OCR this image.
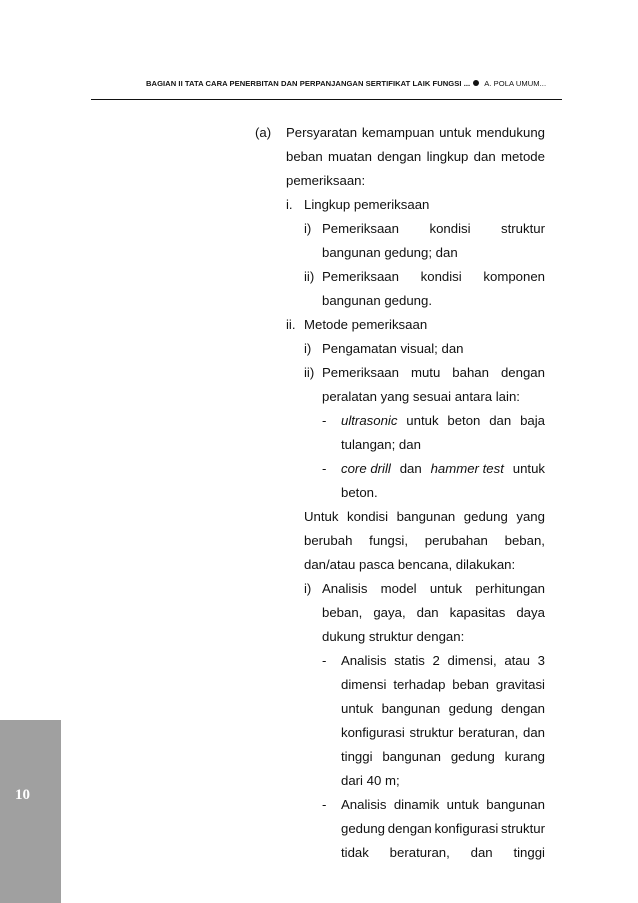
BAGIAN II TATA CARA PENERBITAN DAN PERPANJANGAN SERTIFIKAT LAIK FUNGSI ... A. POLA UMUM...
10
(a) Persyaratan kemampuan untuk mendukung
beban muatan dengan lingkup dan metode
pemeriksaan:
i. Lingkup pemeriksaan
i) Pemeriksaan kondisi struktur
bangunan gedung; dan
ii) Pemeriksaan kondisi komponen
bangunan gedung.
ii. Metode pemeriksaan
i) Pengamatan visual; dan
ii) Pemeriksaan mutu bahan dengan
peralatan yang sesuai antara lain:
- ultrasonic untuk beton dan baja
tulangan; dan
- core drill dan hammer test untuk
beton.
Untuk kondisi bangunan gedung yang
berubah fungsi, perubahan beban,
dan/atau pasca bencana, dilakukan:
i) Analisis model untuk perhitungan
beban, gaya, dan kapasitas daya
dukung struktur dengan:
- Analisis statis 2 dimensi, atau 3
dimensi terhadap beban gravitasi
untuk bangunan gedung dengan
konfigurasi struktur beraturan, dan
tinggi bangunan gedung kurang
dari 40 m;
- Analisis dinamik untuk bangunan
gedung dengan konfigurasi struktur
tidak beraturan, dan tinggi
